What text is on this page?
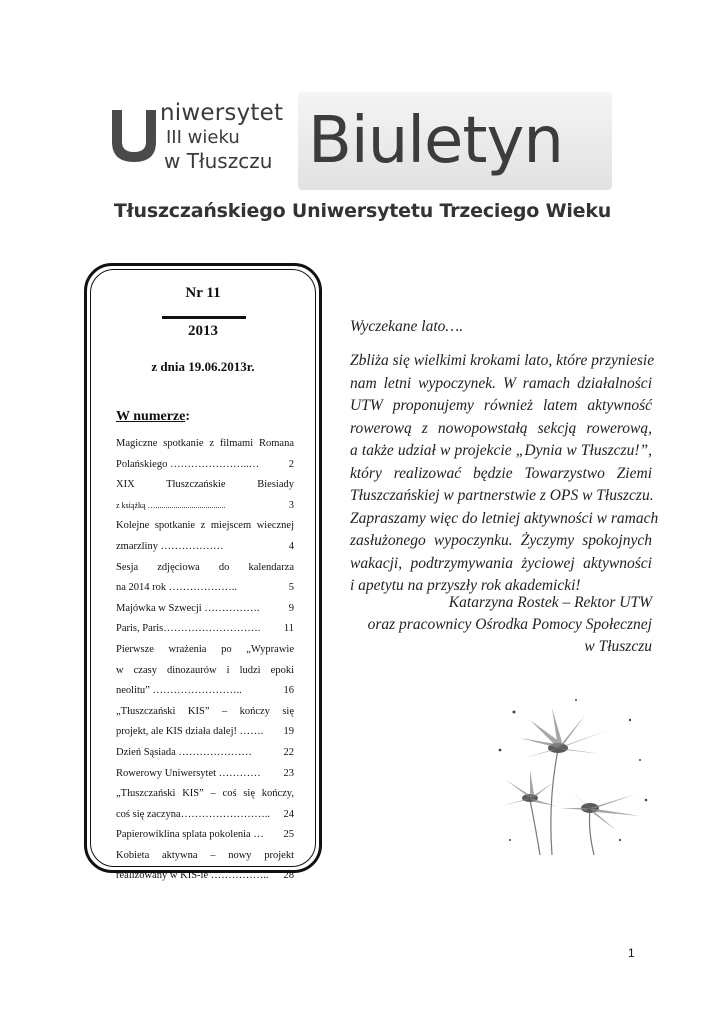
niwersytet
III wieku
w Tłuszczu Biuletyn
Tłuszczańskiego Uniwersytetu Trzeciego Wieku
Nr 11
2013
z dnia 19.06.2013r.
W numerze:
Magiczne spotkanie z filmami Romana
Polańskiego …………………..…	2
XIX Tłuszczańskie Biesiady
z książką …...................................	3
Kolejne spotkanie z miejscem wiecznej
zmarzliny ………………	4
Sesja zdjęciowa do kalendarza
na 2014 rok ………………..	5
Majówka w Szwecji …………….	9
Paris, Paris……………………….	11
Pierwsze wrażenia po „Wyprawie
w czasy dinozaurów i ludzi epoki
neolitu” ……………………..	16
„Tłuszczański KIS” – kończy się
projekt, ale KIS działa dalej! …….	19
Dzień Sąsiada …………………	22
Rowerowy Uniwersytet …………	23
„Tłuszczański KIS” – coś się kończy,
coś się zaczyna……………………..	24
Papierowiklina splata pokolenia …	25
Kobieta aktywna – nowy projekt
realizowany w KIS-ie ……………..	28
Wyczekane lato….
Zbliża się wielkimi krokami lato, które przyniesie
nam letni wypoczynek. W ramach działalności
UTW proponujemy również latem aktywność
rowerową z nowopowstałą sekcją rowerową,
a także udział w projekcie „Dynia w Tłuszczu!”,
który realizować będzie Towarzystwo Ziemi
Tłuszczańskiej w partnerstwie z OPS w Tłuszczu.
Zapraszamy więc do letniej aktywności w ramach
zasłużonego wypoczynku. Życzymy spokojnych
wakacji, podtrzymywania życiowej aktywności
i apetytu na przyszły rok akademicki!
Katarzyna Rostek – Rektor UTW
oraz pracownicy Ośrodka Pomocy Społecznej
w Tłuszczu
1
